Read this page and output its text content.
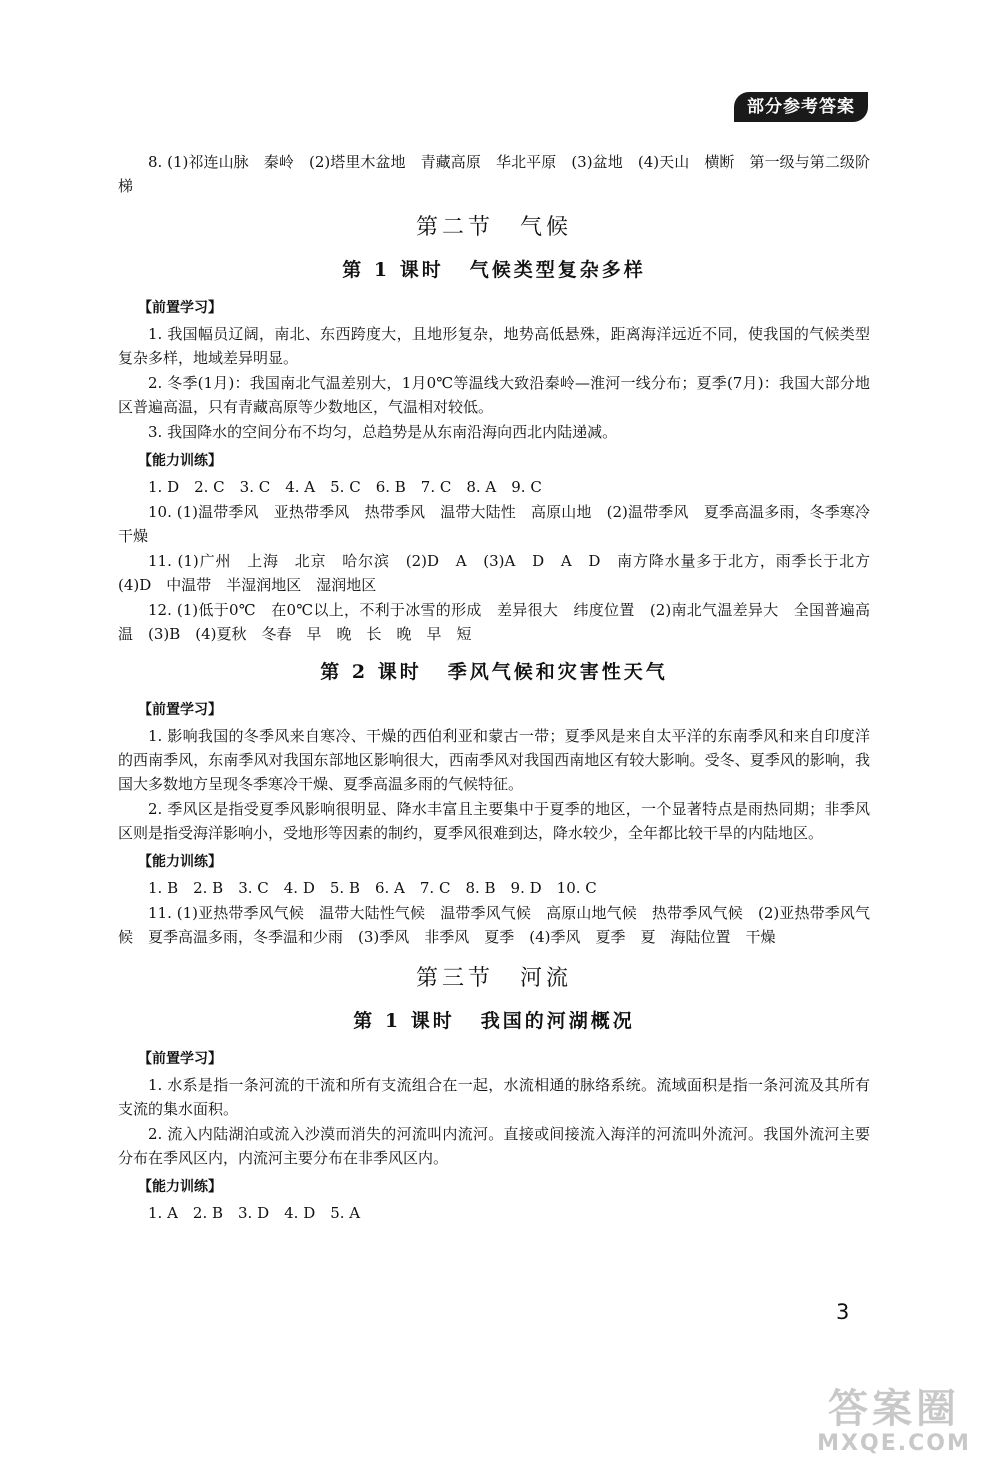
部分参考答案

8. (1)祁连山脉　秦岭　(2)塔里木盆地　青藏高原　华北平原　(3)盆地　(4)天山　横断　第一级与第二级阶梯

第二节 气候
第 1 课时 气候类型复杂多样
【前置学习】

1. 我国幅员辽阔，南北、东西跨度大，且地形复杂，地势高低悬殊，距离海洋远近不同，使我国的气候类型复杂多样，地域差异明显。

2. 冬季(1月)：我国南北气温差别大，1月0℃等温线大致沿秦岭—淮河一线分布；夏季(7月)：我国大部分地区普遍高温，只有青藏高原等少数地区，气温相对较低。

3. 我国降水的空间分布不均匀，总趋势是从东南沿海向西北内陆递减。

【能力训练】

1. D　2. C　3. C　4. A　5. C　6. B　7. C　8. A　9. C

10. (1)温带季风　亚热带季风　热带季风　温带大陆性　高原山地　(2)温带季风　夏季高温多雨，冬季寒冷干燥

11. (1)广州　上海　北京　哈尔滨　(2)D　A　(3)A　D　A　D　南方降水量多于北方，雨季长于北方　(4)D　中温带　半湿润地区　湿润地区

12. (1)低于0℃　在0℃以上，不利于冰雪的形成　差异很大　纬度位置　(2)南北气温差异大　全国普遍高温　(3)B　(4)夏秋　冬春　早　晚　长　晚　早　短

第 2 课时 季风气候和灾害性天气
【前置学习】

1. 影响我国的冬季风来自寒冷、干燥的西伯利亚和蒙古一带；夏季风是来自太平洋的东南季风和来自印度洋的西南季风，东南季风对我国东部地区影响很大，西南季风对我国西南地区有较大影响。受冬、夏季风的影响，我国大多数地方呈现冬季寒冷干燥、夏季高温多雨的气候特征。

2. 季风区是指受夏季风影响很明显、降水丰富且主要集中于夏季的地区，一个显著特点是雨热同期；非季风区则是指受海洋影响小，受地形等因素的制约，夏季风很难到达，降水较少，全年都比较干旱的内陆地区。

【能力训练】

1. B　2. B　3. C　4. D　5. B　6. A　7. C　8. B　9. D　10. C

11. (1)亚热带季风气候　温带大陆性气候　温带季风气候　高原山地气候　热带季风气候　(2)亚热带季风气候　夏季高温多雨，冬季温和少雨　(3)季风　非季风　夏季　(4)季风　夏季　夏　海陆位置　干燥

第三节 河流
第 1 课时 我国的河湖概况
【前置学习】

1. 水系是指一条河流的干流和所有支流组合在一起，水流相通的脉络系统。流域面积是指一条河流及其所有支流的集水面积。

2. 流入内陆湖泊或流入沙漠而消失的河流叫内流河。直接或间接流入海洋的河流叫外流河。我国外流河主要分布在季风区内，内流河主要分布在非季风区内。

【能力训练】

1. A　2. B　3. D　4. D　5. A

3
答案圈
MXQE.COM
